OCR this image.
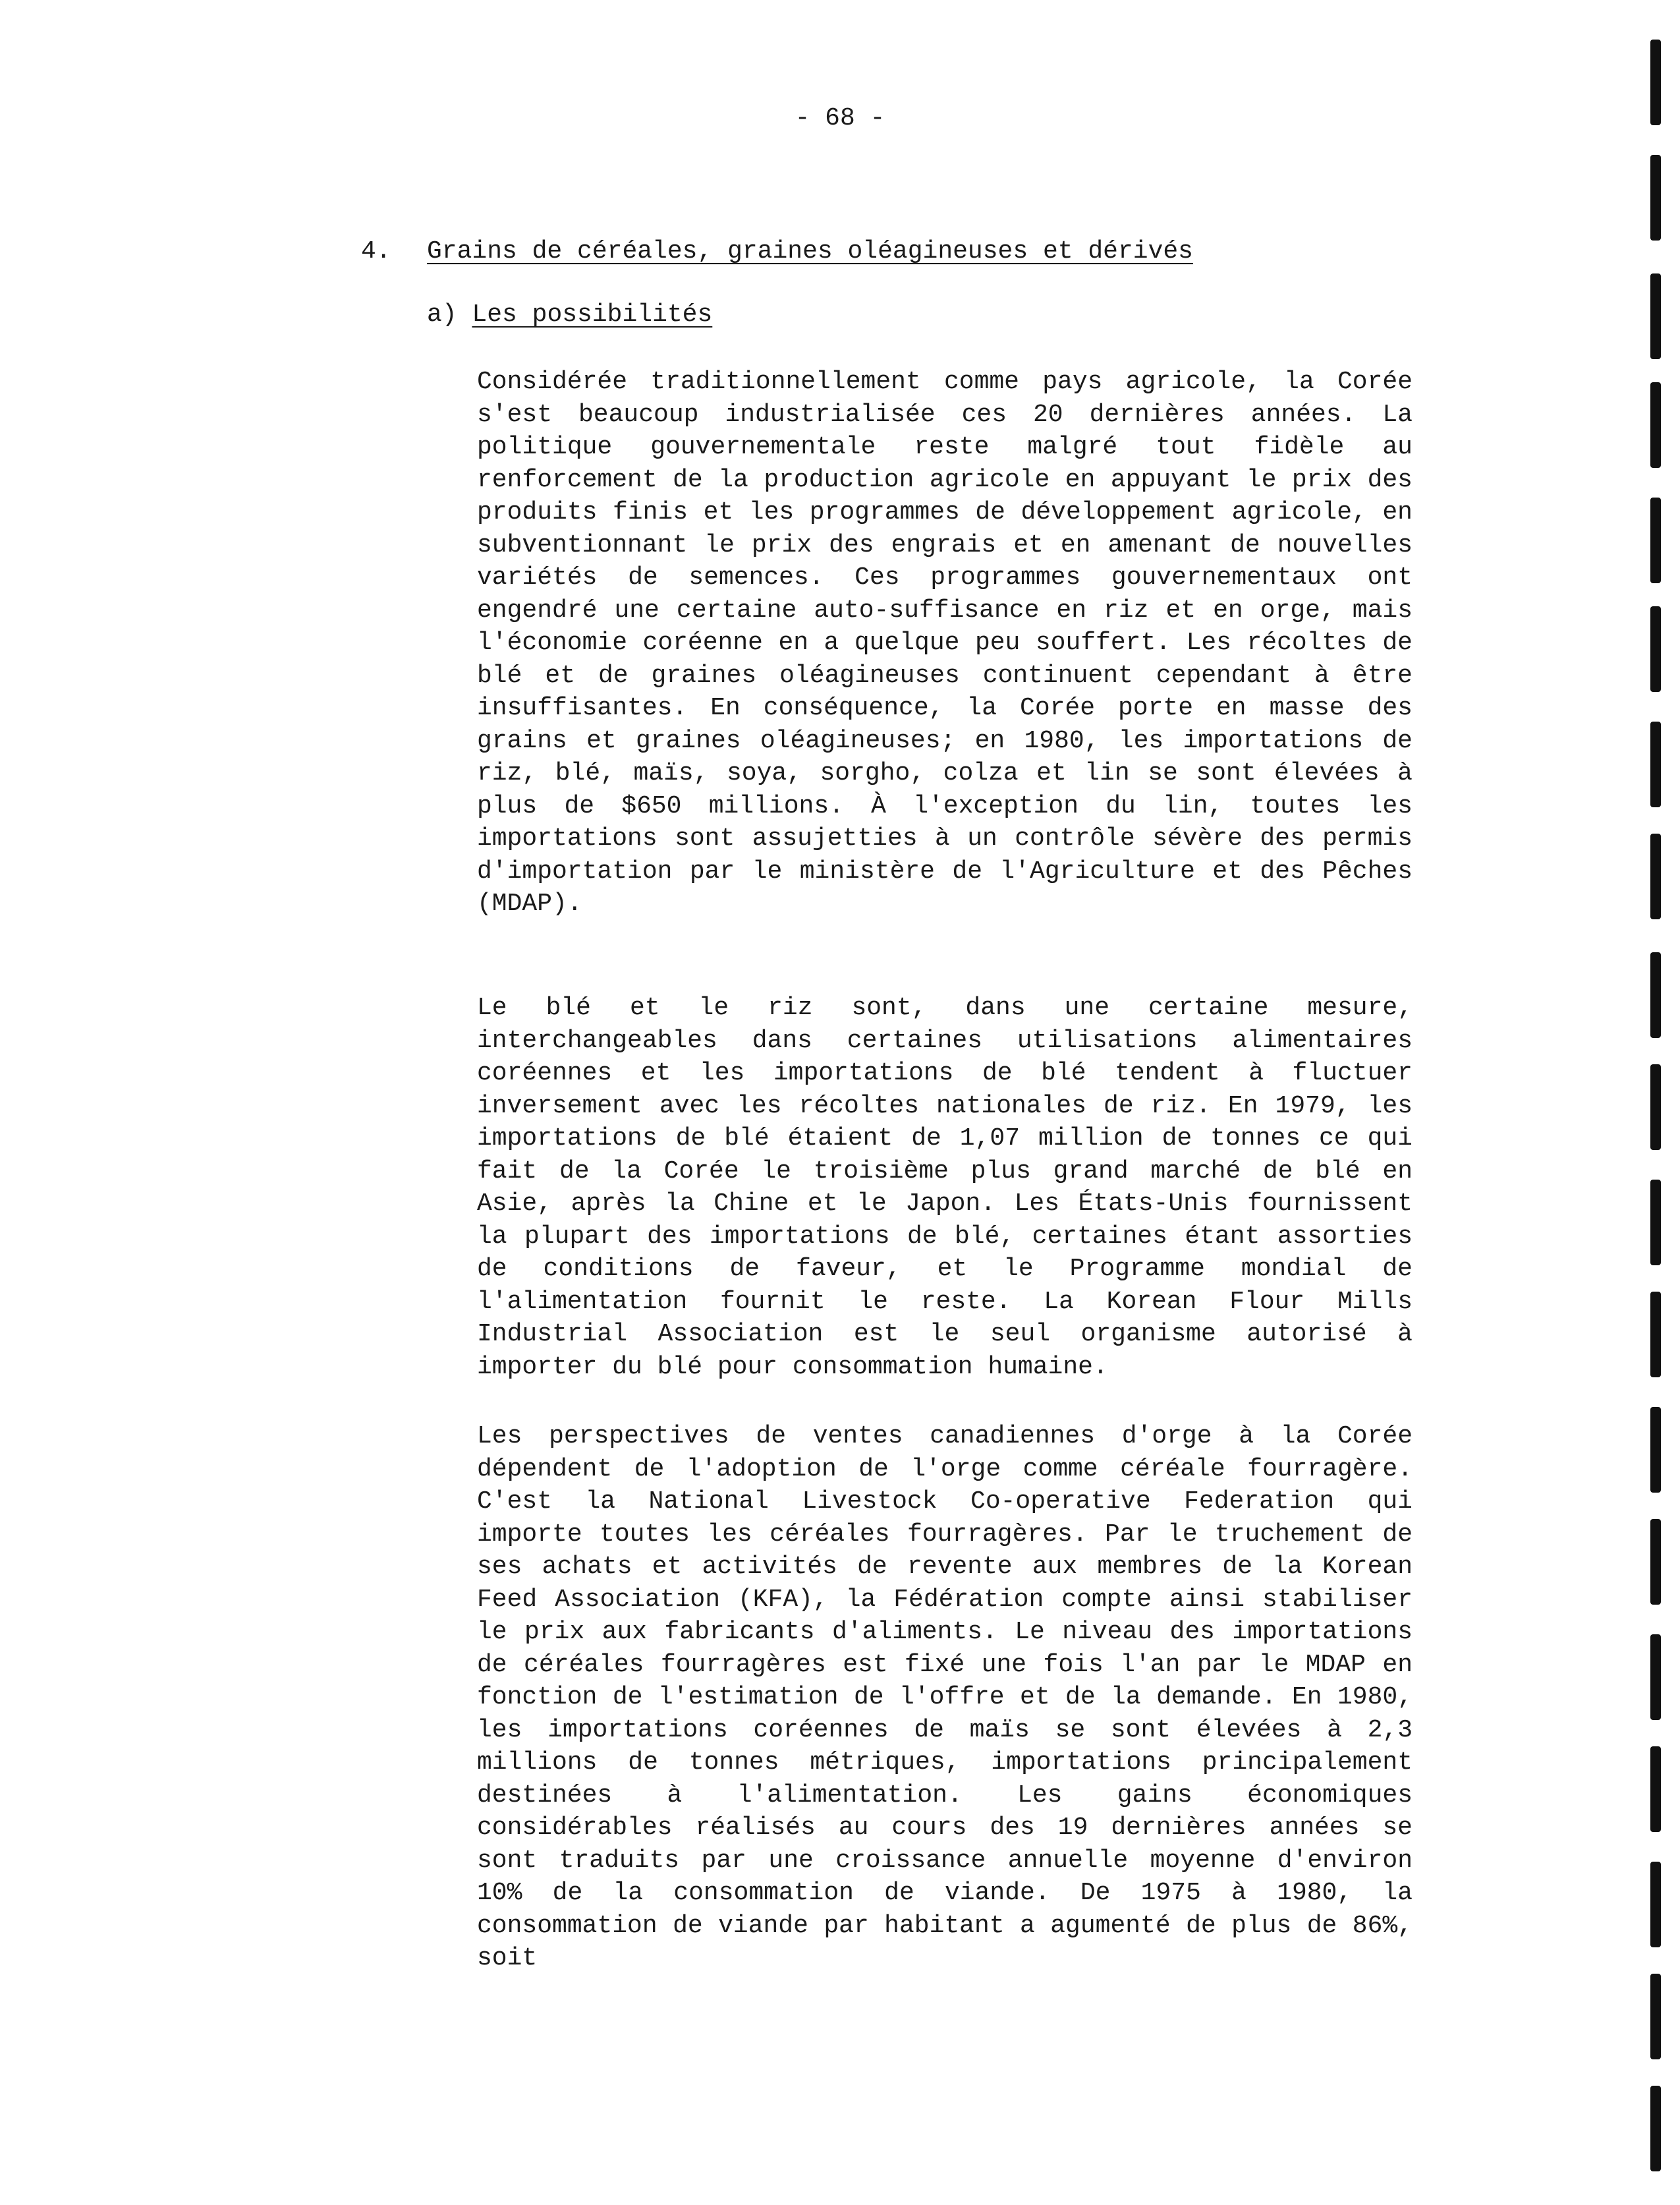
- 68 -
4. Grains de céréales, graines oléagineuses et dérivés
a) Les possibilités
Considérée traditionnellement comme pays agricole, la Corée s'est beaucoup industrialisée ces 20 dernières années. La politique gouvernementale reste malgré tout fidèle au renforcement de la production agricole en appuyant le prix des produits finis et les programmes de développement agricole, en subventionnant le prix des engrais et en amenant de nouvelles variétés de semences. Ces programmes gouvernementaux ont engendré une certaine auto-suffisance en riz et en orge, mais l'économie coréenne en a quelque peu souffert. Les récoltes de blé et de graines oléagineuses continuent cependant à être insuffisantes. En conséquence, la Corée porte en masse des grains et graines oléagineuses; en 1980, les importations de riz, blé, maïs, soya, sorgho, colza et lin se sont élevées à plus de $650 millions. À l'exception du lin, toutes les importations sont assujetties à un contrôle sévère des permis d'importation par le ministère de l'Agriculture et des Pêches (MDAP).
Le blé et le riz sont, dans une certaine mesure, interchangeables dans certaines utilisations alimentaires coréennes et les importations de blé tendent à fluctuer inversement avec les récoltes nationales de riz. En 1979, les importations de blé étaient de 1,07 million de tonnes ce qui fait de la Corée le troisième plus grand marché de blé en Asie, après la Chine et le Japon. Les États-Unis fournissent la plupart des importations de blé, certaines étant assorties de conditions de faveur, et le Programme mondial de l'alimentation fournit le reste. La Korean Flour Mills Industrial Association est le seul organisme autorisé à importer du blé pour consommation humaine.
Les perspectives de ventes canadiennes d'orge à la Corée dépendent de l'adoption de l'orge comme céréale fourragère. C'est la National Livestock Co-operative Federation qui importe toutes les céréales fourragères. Par le truchement de ses achats et activités de revente aux membres de la Korean Feed Association (KFA), la Fédération compte ainsi stabiliser le prix aux fabricants d'aliments. Le niveau des importations de céréales fourragères est fixé une fois l'an par le MDAP en fonction de l'estimation de l'offre et de la demande. En 1980, les importations coréennes de maïs se sont élevées à 2,3 millions de tonnes métriques, importations principalement destinées à l'alimentation. Les gains économiques considérables réalisés au cours des 19 dernières années se sont traduits par une croissance annuelle moyenne d'environ 10% de la consommation de viande. De 1975 à 1980, la consommation de viande par habitant a agumenté de plus de 86%, soit
